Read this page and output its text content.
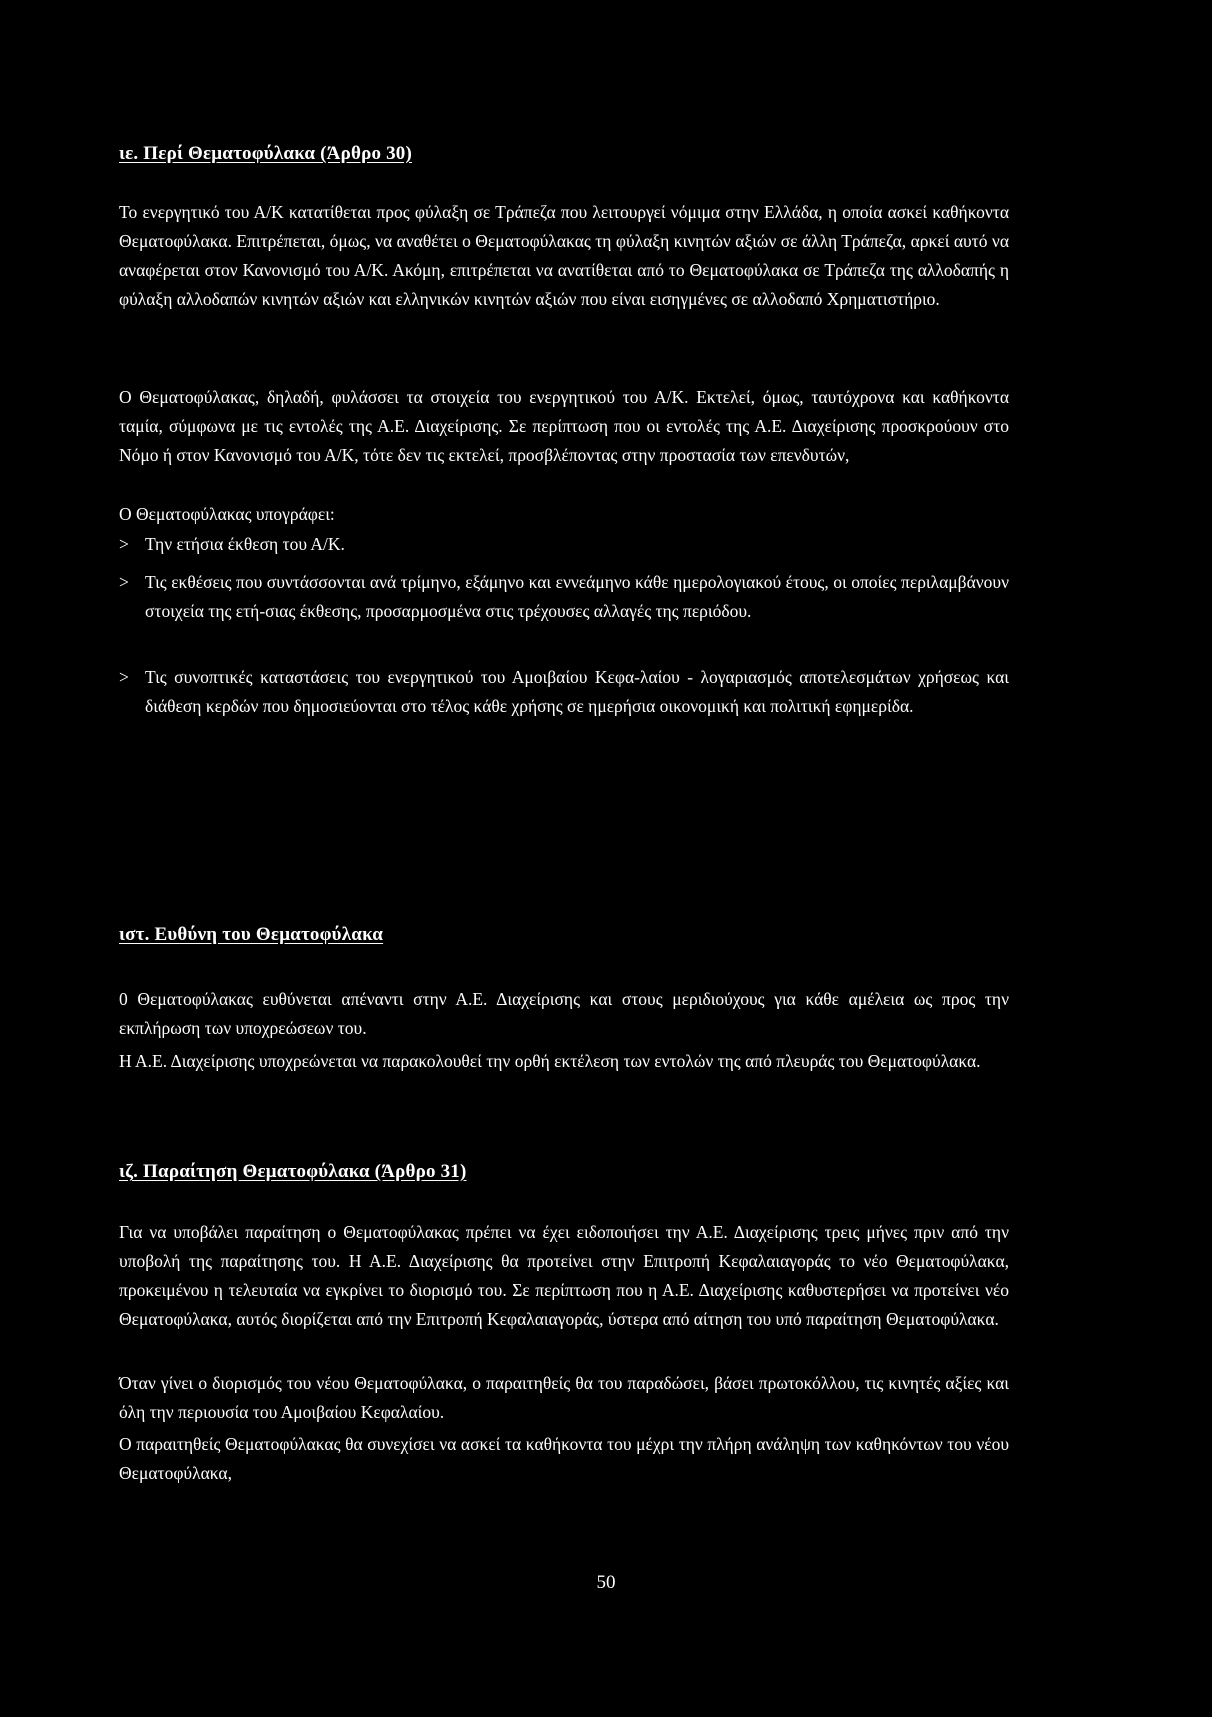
ιε. Περί Θεματοφύλακα (Άρθρο 30)
Το ενεργητικό του Α/Κ κατατίθεται προς φύλαξη σε Τράπεζα που λειτουργεί νόμιμα στην Ελλάδα, η οποία ασκεί καθήκοντα Θεματοφύλακα. Επιτρέπεται, όμως, να αναθέτει ο Θεματοφύλακας τη φύλαξη κινητών αξιών σε άλλη Τράπεζα, αρκεί αυτό να αναφέρεται στον Κανονισμό του Α/Κ. Ακόμη, επιτρέπεται να ανατίθεται από το Θεματοφύλακα σε Τράπεζα της αλλοδαπής η φύλαξη αλλοδαπών κινητών αξιών και ελληνικών κινητών αξιών που είναι εισηγμένες σε αλλοδαπό Χρηματιστήριο.
Ο Θεματοφύλακας, δηλαδή, φυλάσσει τα στοιχεία του ενεργητικού του Α/Κ. Εκτελεί, όμως, ταυτόχρονα και καθήκοντα ταμία, σύμφωνα με τις εντολές της Α.Ε. Διαχείρισης. Σε περίπτωση που οι εντολές της Α.Ε. Διαχείρισης προσκρούουν στο Νόμο ή στον Κανονισμό του Α/Κ, τότε δεν τις εκτελεί, προσβλέποντας στην προστασία των επενδυτών,
Ο Θεματοφύλακας υπογράφει:
> Την ετήσια έκθεση του Α/Κ.
> Τις εκθέσεις που συντάσσονται ανά τρίμηνο, εξάμηνο και εννεάμηνο κάθε ημερολογιακού έτους, οι οποίες περιλαμβάνουν στοιχεία της ετή-σιας έκθεσης, προσαρμοσμένα στις τρέχουσες αλλαγές της περιόδου.
> Τις συνοπτικές καταστάσεις του ενεργητικού του Αμοιβαίου Κεφα-λαίου - λογαριασμός αποτελεσμάτων χρήσεως και διάθεση κερδών που δημοσιεύονται στο τέλος κάθε χρήσης σε ημερήσια οικονομική και πολιτική εφημερίδα.
ιστ. Ευθύνη του Θεματοφύλακα
0 Θεματοφύλακας ευθύνεται απέναντι στην Α.Ε. Διαχείρισης και στους μεριδιούχους για κάθε αμέλεια ως προς την εκπλήρωση των υποχρεώσεων του.
Η Α.Ε. Διαχείρισης υποχρεώνεται να παρακολουθεί την ορθή εκτέλεση των εντολών της από πλευράς του Θεματοφύλακα.
ιζ. Παραίτηση Θεματοφύλακα (Άρθρο 31)
Για να υποβάλει παραίτηση ο Θεματοφύλακας πρέπει να έχει ειδοποιήσει την Α.Ε. Διαχείρισης τρεις μήνες πριν από την υποβολή της παραίτησης του. Η Α.Ε. Διαχείρισης θα προτείνει στην Επιτροπή Κεφαλαιαγοράς το νέο Θεματοφύλακα, προκειμένου η τελευταία να εγκρίνει το διορισμό του. Σε περίπτωση που η Α.Ε. Διαχείρισης καθυστερήσει να προτείνει νέο Θεματοφύλακα, αυτός διορίζεται από την Επιτροπή Κεφαλαιαγοράς, ύστερα από αίτηση του υπό παραίτηση Θεματοφύλακα.
Όταν γίνει ο διορισμός του νέου Θεματοφύλακα, ο παραιτηθείς θα του παραδώσει, βάσει πρωτοκόλλου, τις κινητές αξίες και όλη την περιουσία του Αμοιβαίου Κεφαλαίου.
Ο παραιτηθείς Θεματοφύλακας θα συνεχίσει να ασκεί τα καθήκοντα του μέχρι την πλήρη ανάληψη των καθηκόντων του νέου Θεματοφύλακα,
50
